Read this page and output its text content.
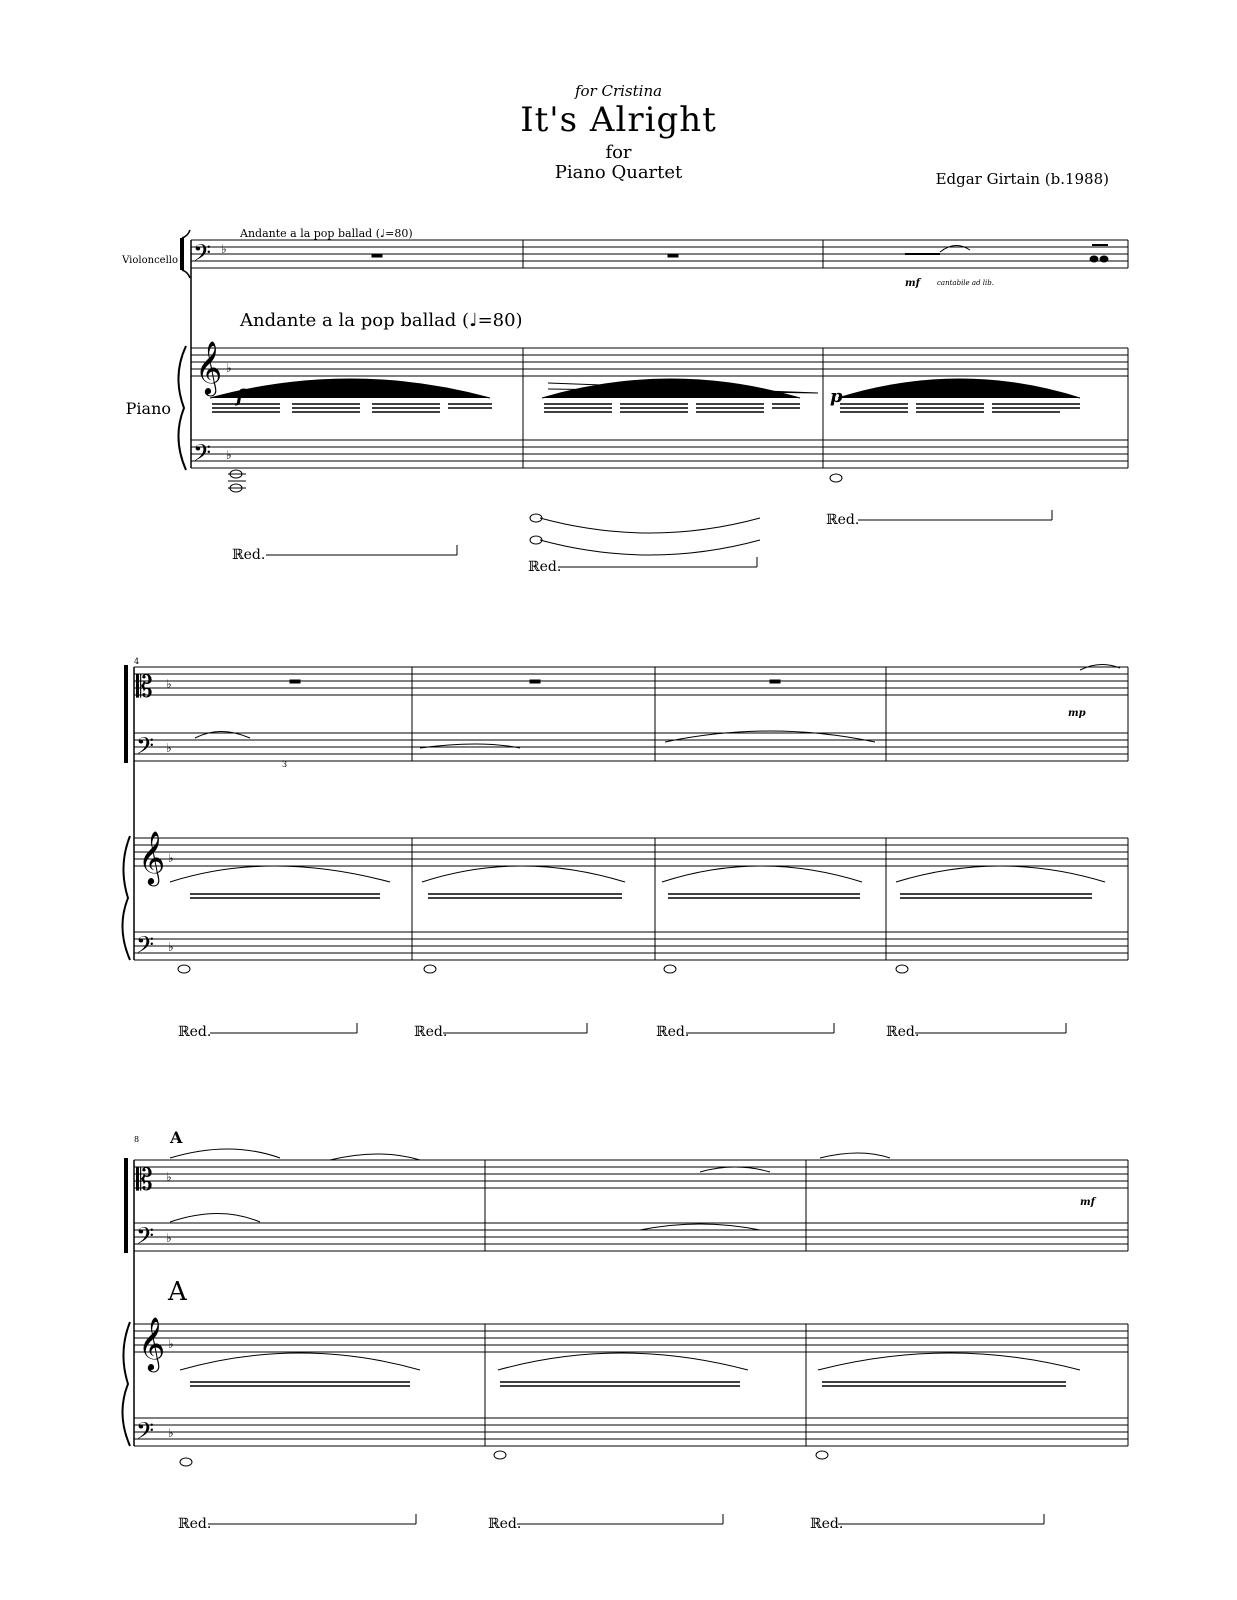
for Cristina
It's Alright
for
Piano Quartet	Edgar Girtain (b.1988)
Violoncello
Piano
Andante a la pop ballad (♩=80)
Andante a la pop ballad (♩=80)
f	p
mf cantabile ad lib.
mp
mf
A
A
4
8
3
ℝed.
ℝed.
ℝed.
ℝed.	ℝed.	ℝed.	ℝed.
ℝed.	ℝed.	ℝed.
𝄢
𝄞
𝄢
𝄡
𝄢
𝄞
𝄢
𝄡
𝄢
𝄞
𝄢
♭
♭
♭
♭
♭
♭
♭
♭
♭
♭
♭
